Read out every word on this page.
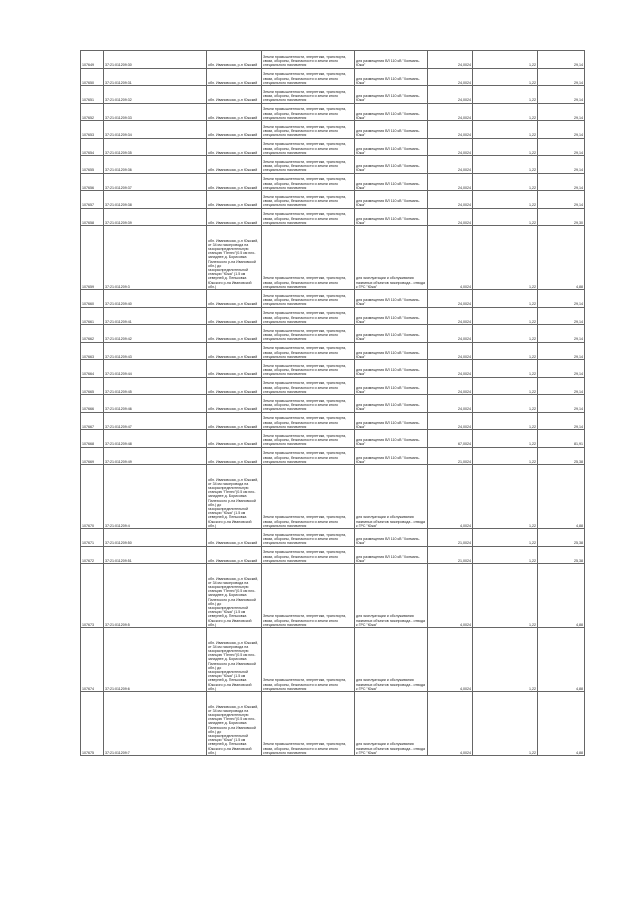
107649	37:21:011209:30	обл. Ивановская, р-н Южский	Земли промышленности, энергетики, транспорта, связи, обороны, безопасности и земли иного специального назначения	для размещения ВЛ 110 кВ "Холмань-Южа"	24,0024	1,22	29,14
107650	37:21:011209:31	обл. Ивановская, р-н Южский	Земли промышленности, энергетики, транспорта, связи, обороны, безопасности и земли иного специального назначения	для размещения ВЛ 110 кВ "Холмань-Южа"	24,0024	1,22	29,14
107651	37:21:011209:32	обл. Ивановская, р-н Южский	Земли промышленности, энергетики, транспорта, связи, обороны, безопасности и земли иного специального назначения	для размещения ВЛ 110 кВ "Холмань-Южа"	24,0024	1,22	29,14
107652	37:21:011209:33	обл. Ивановская, р-н Южский	Земли промышленности, энергетики, транспорта, связи, обороны, безопасности и земли иного специального назначения	для размещения ВЛ 110 кВ "Холмань-Южа"	24,0024	1,22	29,14
107653	37:21:011209:34	обл. Ивановская, р-н Южский	Земли промышленности, энергетики, транспорта, связи, обороны, безопасности и земли иного специального назначения	для размещения ВЛ 110 кВ "Холмань-Южа"	24,0024	1,22	29,14
107654	37:21:011209:35	обл. Ивановская, р-н Южский	Земли промышленности, энергетики, транспорта, связи, обороны, безопасности и земли иного специального назначения	для размещения ВЛ 110 кВ "Холмань-Южа"	24,0024	1,22	29,14
107655	37:21:011209:36	обл. Ивановская, р-н Южский	Земли промышленности, энергетики, транспорта, связи, обороны, безопасности и земли иного специального назначения	для размещения ВЛ 110 кВ "Холмань-Южа"	24,0024	1,22	29,14
107656	37:21:011209:37	обл. Ивановская, р-н Южский	Земли промышленности, энергетики, транспорта, связи, обороны, безопасности и земли иного специального назначения	для размещения ВЛ 110 кВ "Холмань-Южа"	24,0024	1,22	29,14
107657	37:21:011209:38	обл. Ивановская, р-н Южский	Земли промышленности, энергетики, транспорта, связи, обороны, безопасности и земли иного специального назначения	для размещения ВЛ 110 кВ "Холмань-Южа"	24,0024	1,22	29,14
107658	37:21:011209:39	обл. Ивановская, р-н Южский	Земли промышленности, энергетики, транспорта, связи, обороны, безопасности и земли иного специального назначения	для размещения ВЛ 110 кВ "Холмань-Южа"	24,0024	1,22	29,30
107659	37:21:011209:3	обл. Ивановская, р-н Южский, от 34 км газопровода на газораспределительную станцию "Пелес"(0.5 км юго-западнее д. Борисовка Палехского р-на Ивановской обл.) до газораспределительной станции "Южа" (1.5 км северней д. Пеньковка Южского р-на Ивановской обл.)	Земли промышленности, энергетики, транспорта, связи, обороны, безопасности и земли иного специального назначения	для эксплуатации и обслуживания наземных объектов газопровода - отвода к ГРС "Южа"	4,0024	1,22	4,88
107660	37:21:011209:40	обл. Ивановская, р-н Южский	Земли промышленности, энергетики, транспорта, связи, обороны, безопасности и земли иного специального назначения	для размещения ВЛ 110 кВ "Холмань-Южа"	24,0024	1,22	29,14
107661	37:21:011209:41	обл. Ивановская, р-н Южский	Земли промышленности, энергетики, транспорта, связи, обороны, безопасности и земли иного специального назначения	для размещения ВЛ 110 кВ "Холмань-Южа"	24,0024	1,22	29,14
107662	37:21:011209:42	обл. Ивановская, р-н Южский	Земли промышленности, энергетики, транспорта, связи, обороны, безопасности и земли иного специального назначения	для размещения ВЛ 110 кВ "Холмань-Южа"	24,0024	1,22	29,14
107663	37:21:011209:43	обл. Ивановская, р-н Южский	Земли промышленности, энергетики, транспорта, связи, обороны, безопасности и земли иного специального назначения	для размещения ВЛ 110 кВ "Холмань-Южа"	24,0024	1,22	29,14
107664	37:21:011209:44	обл. Ивановская, р-н Южский	Земли промышленности, энергетики, транспорта, связи, обороны, безопасности и земли иного специального назначения	для размещения ВЛ 110 кВ "Холмань-Южа"	24,0024	1,22	29,14
107665	37:21:011209:45	обл. Ивановская, р-н Южский	Земли промышленности, энергетики, транспорта, связи, обороны, безопасности и земли иного специального назначения	для размещения ВЛ 110 кВ "Холмань-Южа"	24,0024	1,22	29,14
107666	37:21:011209:46	обл. Ивановская, р-н Южский	Земли промышленности, энергетики, транспорта, связи, обороны, безопасности и земли иного специального назначения	для размещения ВЛ 110 кВ "Холмань-Южа"	24,0024	1,22	29,14
107667	37:21:011209:47	обл. Ивановская, р-н Южский	Земли промышленности, энергетики, транспорта, связи, обороны, безопасности и земли иного специального назначения	для размещения ВЛ 110 кВ "Холмань-Южа"	24,0024	1,22	29,14
107668	37:21:011209:48	обл. Ивановская, р-н Южский	Земли промышленности, энергетики, транспорта, связи, обороны, безопасности и земли иного специального назначения	для размещения ВЛ 110 кВ "Холмань-Южа"	67,0024	1,22	81,91
107669	37:21:011209:49	обл. Ивановская, р-н Южский	Земли промышленности, энергетики, транспорта, связи, обороны, безопасности и земли иного специального назначения	для размещения ВЛ 110 кВ "Холмань-Южа"	21,0024	1,22	25,38
107670	37:21:011209:4	обл. Ивановская, р-н Южский, от 34 км газопровода на газораспределительную станцию "Пелес"(0.5 км юго-западнее д. Борисовка Палехского р-на Ивановской обл.) до газораспределительной станции "Южа" (1.5 км северней д. Пеньковка Южского р-на Ивановской обл.)	Земли промышленности, энергетики, транспорта, связи, обороны, безопасности и земли иного специального назначения	для эксплуатации и обслуживания наземных объектов газопровода - отвода к ГРС "Южа"	4,0024	1,22	4,88
107671	37:21:011209:50	обл. Ивановская, р-н Южский	Земли промышленности, энергетики, транспорта, связи, обороны, безопасности и земли иного специального назначения	для размещения ВЛ 110 кВ "Холмань-Южа"	21,0024	1,22	25,38
107672	37:21:011209:51	обл. Ивановская, р-н Южский	Земли промышленности, энергетики, транспорта, связи, обороны, безопасности и земли иного специального назначения	для размещения ВЛ 110 кВ "Холмань-Южа"	21,0024	1,22	25,38
107673	37:21:011209:5	обл. Ивановская, р-н Южский, от 34 км газопровода на газораспределительную станцию "Пелес"(0.5 км юго-западнее д. Борисовка Палехского р-на Ивановской обл.) до газораспределительной станции "Южа" (1.5 км северней д. Пеньковка Южского р-на Ивановской обл.)	Земли промышленности, энергетики, транспорта, связи, обороны, безопасности и земли иного специального назначения	для эксплуатации и обслуживания наземных объектов газопровода - отвода к ГРС "Южа"	4,0024	1,22	4,88
107674	37:21:011209:6	обл. Ивановская, р-н Южский, от 34 км газопровода на газораспределительную станцию "Пелес"(0.5 км юго-западнее д. Борисовка Палехского р-на Ивановской обл.) до газораспределительной станции "Южа" (1.5 км северней д. Пеньковка Южского р-на Ивановской обл.)	Земли промышленности, энергетики, транспорта, связи, обороны, безопасности и земли иного специального назначения	для эксплуатации и обслуживания наземных объектов газопровода - отвода к ГРС "Южа"	4,0024	1,22	4,88
107675	37:21:011209:7	обл. Ивановская, р-н Южский, от 34 км газопровода на газораспределительную станцию "Пелес"(0.5 км юго-западнее д. Борисовка Палехского р-на Ивановской обл.) до газораспределительной станции "Южа" (1.5 км северней д. Пеньковка Южского р-на Ивановской обл.)	Земли промышленности, энергетики, транспорта, связи, обороны, безопасности и земли иного специального назначения	для эксплуатации и обслуживания наземных объектов газопровода - отвода к ГРС "Южа"	4,0024	1,22	4,88
